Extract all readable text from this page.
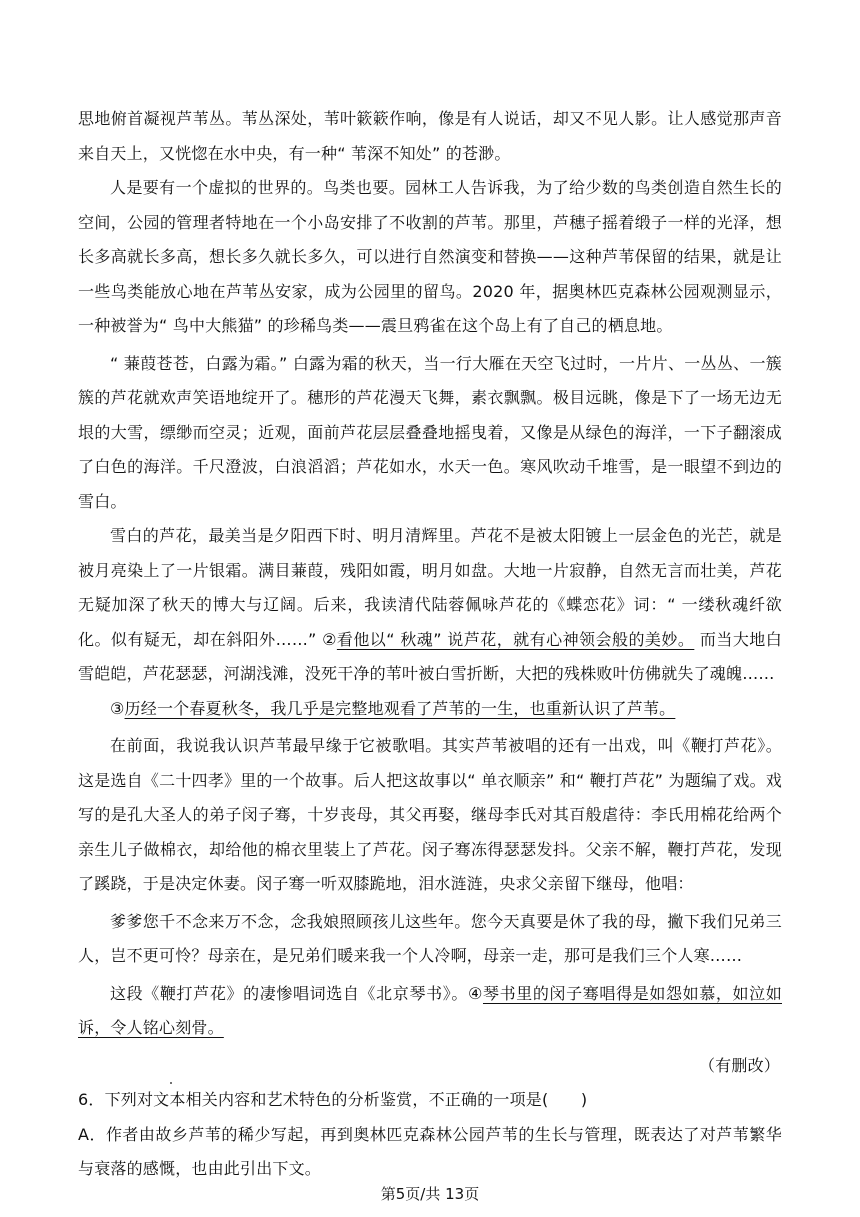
思地俯首凝视芦苇丛。苇丛深处，苇叶簌簌作响，像是有人说话，却又不见人影。让人感觉那声音来自天上，又恍惚在水中央，有一种“ 苇深不知处” 的苍渺。

人是要有一个虚拟的世界的。鸟类也要。园林工人告诉我，为了给少数的鸟类创造自然生长的空间，公园的管理者特地在一个小岛安排了不收割的芦苇。那里，芦穗子摇着缎子一样的光泽，想长多高就长多高，想长多久就长多久，可以进行自然演变和替换——这种芦苇保留的结果，就是让一些鸟类能放心地在芦苇丛安家，成为公园里的留鸟。2020 年，据奥林匹克森林公园观测显示，一种被誉为“ 鸟中大熊猫” 的珍稀鸟类——震旦鸦雀在这个岛上有了自己的栖息地。

“ 蒹葭苍苍，白露为霜。” 白露为霜的秋天，当一行大雁在天空飞过时，一片片、一丛丛、一簇簇的芦花就欢声笑语地绽开了。穗形的芦花漫天飞舞，素衣飘飘。极目远眺，像是下了一场无边无垠的大雪，缥缈而空灵；近观，面前芦花层层叠叠地摇曳着，又像是从绿色的海洋，一下子翻滚成了白色的海洋。千尺澄波，白浪滔滔；芦花如水，水天一色。寒风吹动千堆雪，是一眼望不到边的雪白。

雪白的芦花，最美当是夕阳西下时、明月清辉里。芦花不是被太阳镀上一层金色的光芒，就是被月亮染上了一片银霜。满目蒹葭，残阳如霞，明月如盘。大地一片寂静，自然无言而壮美，芦花无疑加深了秋天的博大与辽阔。后来，我读清代陆蓉佩咏芦花的《蝶恋花》词：“ 一缕秋魂纤欲化。似有疑无，却在斜阳外……” ②看他以“ 秋魂” 说芦花，就有心神领会般的美妙。 而当大地白雪皑皑，芦花瑟瑟，河湖浅滩，没死干净的苇叶被白雪折断，大把的残株败叶仿佛就失了魂魄……

③历经一个春夏秋冬，我几乎是完整地观看了芦苇的一生，也重新认识了芦苇。

在前面，我说我认识芦苇最早缘于它被歌唱。其实芦苇被唱的还有一出戏，叫《鞭打芦花》。这是选自《二十四孝》里的一个故事。后人把这故事以“ 单衣顺亲” 和“ 鞭打芦花” 为题编了戏。戏写的是孔大圣人的弟子闵子骞，十岁丧母，其父再娶，继母李氏对其百般虐待：李氏用棉花给两个亲生儿子做棉衣，却给他的棉衣里装上了芦花。闵子骞冻得瑟瑟发抖。父亲不解，鞭打芦花，发现了蹊跷，于是决定休妻。闵子骞一听双膝跪地，泪水涟涟，央求父亲留下继母，他唱：

爹爹您千不念来万不念，念我娘照顾孩儿这些年。您今天真要是休了我的母，撇下我们兄弟三人，岂不更可怜？母亲在，是兄弟们暖来我一个人冷啊，母亲一走，那可是我们三个人寒……

这段《鞭打芦花》的凄惨唱词选自《北京琴书》。④琴书里的闵子骞唱得是如怨如慕，如泣如诉，令人铭心刻骨。

（有删改）

6．下列对文本相关内容和艺术特色的分析鉴赏，不正确的一项是(　　)

A．作者由故乡芦苇的稀少写起，再到奥林匹克森林公园芦苇的生长与管理，既表达了对芦苇繁华与衰落的感慨，也由此引出下文。

第5页/共 13页
